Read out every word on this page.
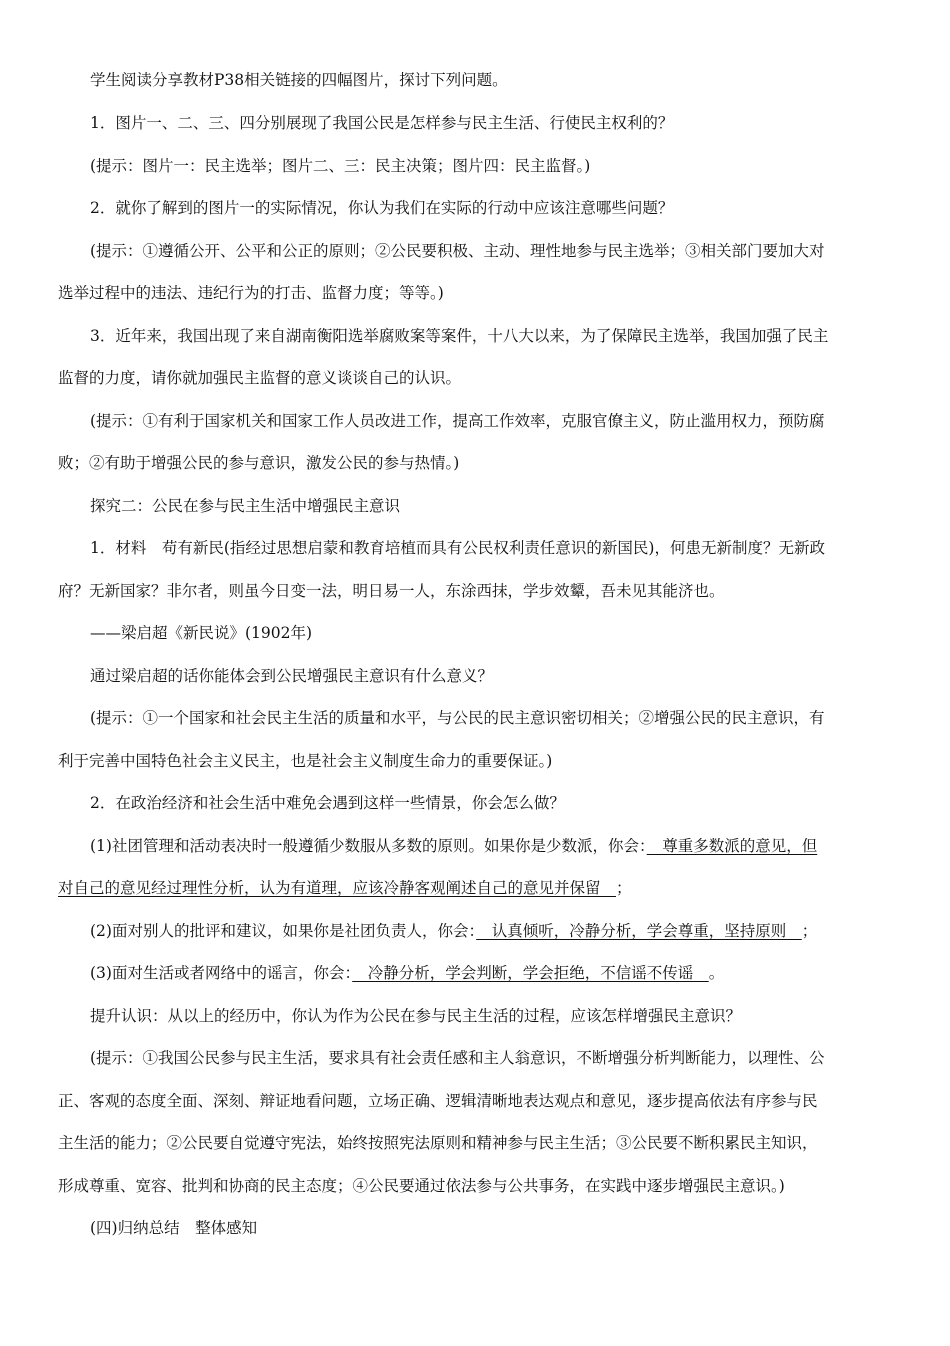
学生阅读分享教材P38相关链接的四幅图片，探讨下列问题。
1．图片一、二、三、四分别展现了我国公民是怎样参与民主生活、行使民主权利的？
(提示：图片一：民主选举；图片二、三：民主决策；图片四：民主监督。)
2．就你了解到的图片一的实际情况，你认为我们在实际的行动中应该注意哪些问题？
(提示：①遵循公开、公平和公正的原则；②公民要积极、主动、理性地参与民主选举；③相关部门要加大对
选举过程中的违法、违纪行为的打击、监督力度；等等。)
3．近年来，我国出现了来自湖南衡阳选举腐败案等案件，十八大以来，为了保障民主选举，我国加强了民主
监督的力度，请你就加强民主监督的意义谈谈自己的认识。
(提示：①有利于国家机关和国家工作人员改进工作，提高工作效率，克服官僚主义，防止滥用权力，预防腐
败；②有助于增强公民的参与意识，激发公民的参与热情。)
探究二：公民在参与民主生活中增强民主意识
1．材料　苟有新民(指经过思想启蒙和教育培植而具有公民权利责任意识的新国民)，何患无新制度？无新政
府？无新国家？非尔者，则虽今日变一法，明日易一人，东涂西抹，学步效颦，吾未见其能济也。
——梁启超《新民说》(1902年)
通过梁启超的话你能体会到公民增强民主意识有什么意义？
(提示：①一个国家和社会民主生活的质量和水平，与公民的民主意识密切相关；②增强公民的民主意识，有
利于完善中国特色社会主义民主，也是社会主义制度生命力的重要保证。)
2．在政治经济和社会生活中难免会遇到这样一些情景，你会怎么做？
(1)社团管理和活动表决时一般遵循少数服从多数的原则。如果你是少数派，你会：　尊重多数派的意见，但
对自己的意见经过理性分析，认为有道理，应该冷静客观阐述自己的意见并保留　；
(2)面对别人的批评和建议，如果你是社团负责人，你会：　认真倾听，冷静分析，学会尊重，坚持原则　；
(3)面对生活或者网络中的谣言，你会：　冷静分析，学会判断，学会拒绝，不信谣不传谣　。
提升认识：从以上的经历中，你认为作为公民在参与民主生活的过程，应该怎样增强民主意识？
(提示：①我国公民参与民主生活，要求具有社会责任感和主人翁意识，不断增强分析判断能力，以理性、公
正、客观的态度全面、深刻、辩证地看问题，立场正确、逻辑清晰地表达观点和意见，逐步提高依法有序参与民
主生活的能力；②公民要自觉遵守宪法，始终按照宪法原则和精神参与民主生活；③公民要不断积累民主知识，
形成尊重、宽容、批判和协商的民主态度；④公民要通过依法参与公共事务，在实践中逐步增强民主意识。)
(四)归纳总结　整体感知
